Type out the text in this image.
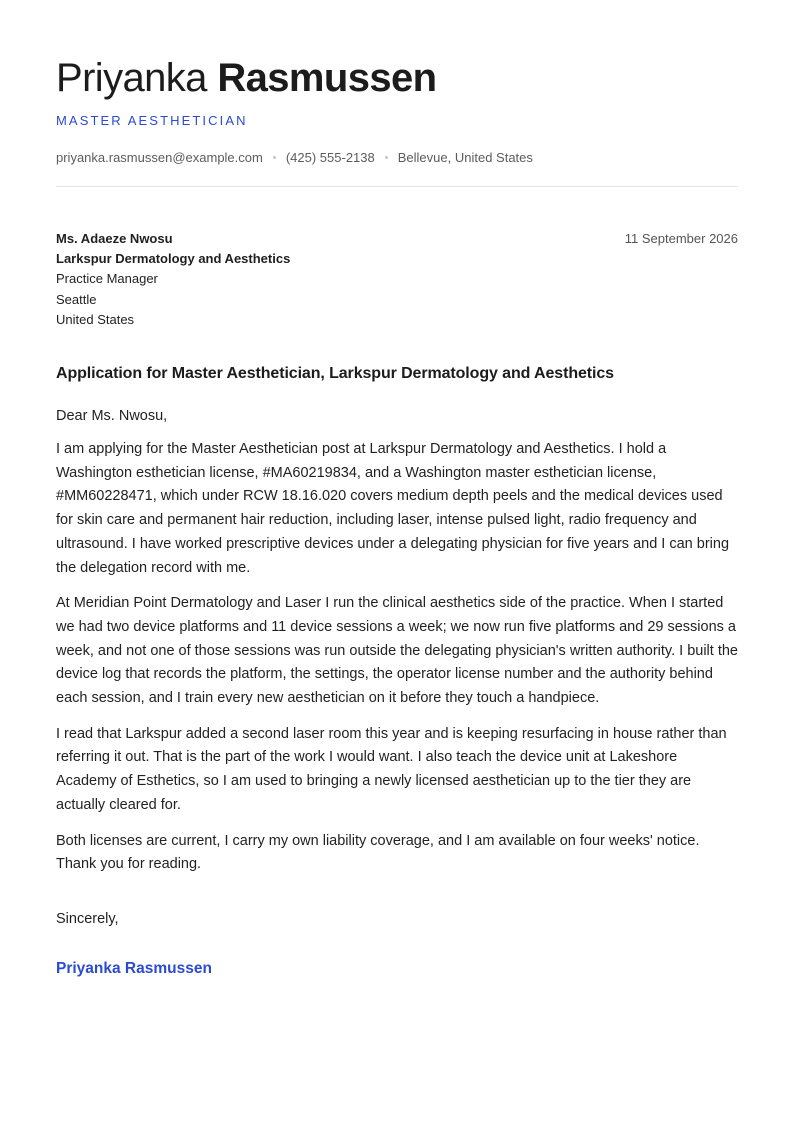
Priyanka Rasmussen
MASTER AESTHETICIAN
priyanka.rasmussen@example.com (425) 555-2138 Bellevue, United States
Ms. Adaeze Nwosu
Larkspur Dermatology and Aesthetics
Practice Manager
Seattle
United States
11 September 2026
Application for Master Aesthetician, Larkspur Dermatology and Aesthetics
Dear Ms. Nwosu,

I am applying for the Master Aesthetician post at Larkspur Dermatology and Aesthetics. I hold a Washington esthetician license, #MA60219834, and a Washington master esthetician license, #MM60228471, which under RCW 18.16.020 covers medium depth peels and the medical devices used for skin care and permanent hair reduction, including laser, intense pulsed light, radio frequency and ultrasound. I have worked prescriptive devices under a delegating physician for five years and I can bring the delegation record with me.

At Meridian Point Dermatology and Laser I run the clinical aesthetics side of the practice. When I started we had two device platforms and 11 device sessions a week; we now run five platforms and 29 sessions a week, and not one of those sessions was run outside the delegating physician's written authority. I built the device log that records the platform, the settings, the operator license number and the authority behind each session, and I train every new aesthetician on it before they touch a handpiece.

I read that Larkspur added a second laser room this year and is keeping resurfacing in house rather than referring it out. That is the part of the work I would want. I also teach the device unit at Lakeshore Academy of Esthetics, so I am used to bringing a newly licensed aesthetician up to the tier they are actually cleared for.

Both licenses are current, I carry my own liability coverage, and I am available on four weeks' notice. Thank you for reading.

Sincerely,
Priyanka Rasmussen
